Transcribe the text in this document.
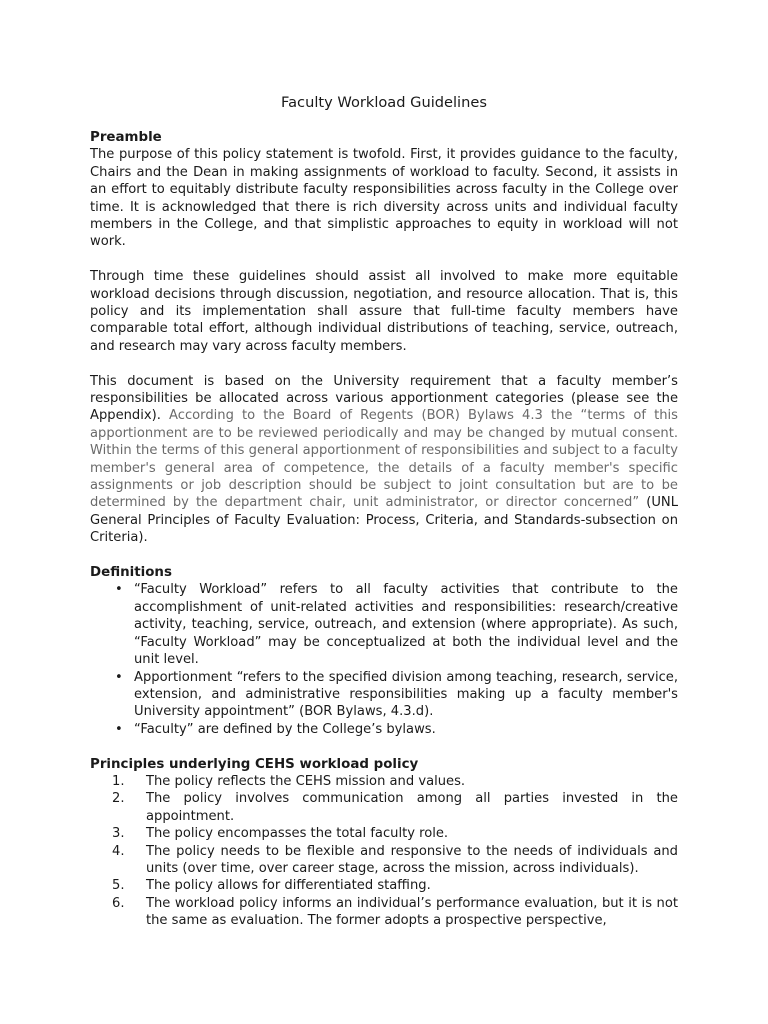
Faculty Workload Guidelines
Preamble

The purpose of this policy statement is twofold. First, it provides guidance to the faculty, Chairs and the Dean in making assignments of workload to faculty. Second, it assists in an effort to equitably distribute faculty responsibilities across faculty in the College over time. It is acknowledged that there is rich diversity across units and individual faculty members in the College, and that simplistic approaches to equity in workload will not work.

Through time these guidelines should assist all involved to make more equitable workload decisions through discussion, negotiation, and resource allocation. That is, this policy and its implementation shall assure that full-time faculty members have comparable total effort, although individual distributions of teaching, service, outreach, and research may vary across faculty members.

This document is based on the University requirement that a faculty member’s responsibilities be allocated across various apportionment categories (please see the Appendix). According to the Board of Regents (BOR) Bylaws 4.3 the “terms of this apportionment are to be reviewed periodically and may be changed by mutual consent. Within the terms of this general apportionment of responsibilities and subject to a faculty member's general area of competence, the details of a faculty member's specific assignments or job description should be subject to joint consultation but are to be determined by the department chair, unit administrator, or director concerned” (UNL General Principles of Faculty Evaluation: Process, Criteria, and Standards-subsection on Criteria).

Definitions
• “Faculty Workload” refers to all faculty activities that contribute to the accomplishment of unit-related activities and responsibilities: research/creative activity, teaching, service, outreach, and extension (where appropriate). As such, “Faculty Workload” may be conceptualized at both the individual level and the unit level.
• Apportionment “refers to the specified division among teaching, research, service, extension, and administrative responsibilities making up a faculty member's University appointment” (BOR Bylaws, 4.3.d).
• “Faculty” are defined by the College’s bylaws.
Principles underlying CEHS workload policy
1. The policy reflects the CEHS mission and values.
2. The policy involves communication among all parties invested in the appointment.
3. The policy encompasses the total faculty role.
4. The policy needs to be flexible and responsive to the needs of individuals and units (over time, over career stage, across the mission, across individuals).
5. The policy allows for differentiated staffing.
6. The workload policy informs an individual’s performance evaluation, but it is not the same as evaluation. The former adopts a prospective perspective,
